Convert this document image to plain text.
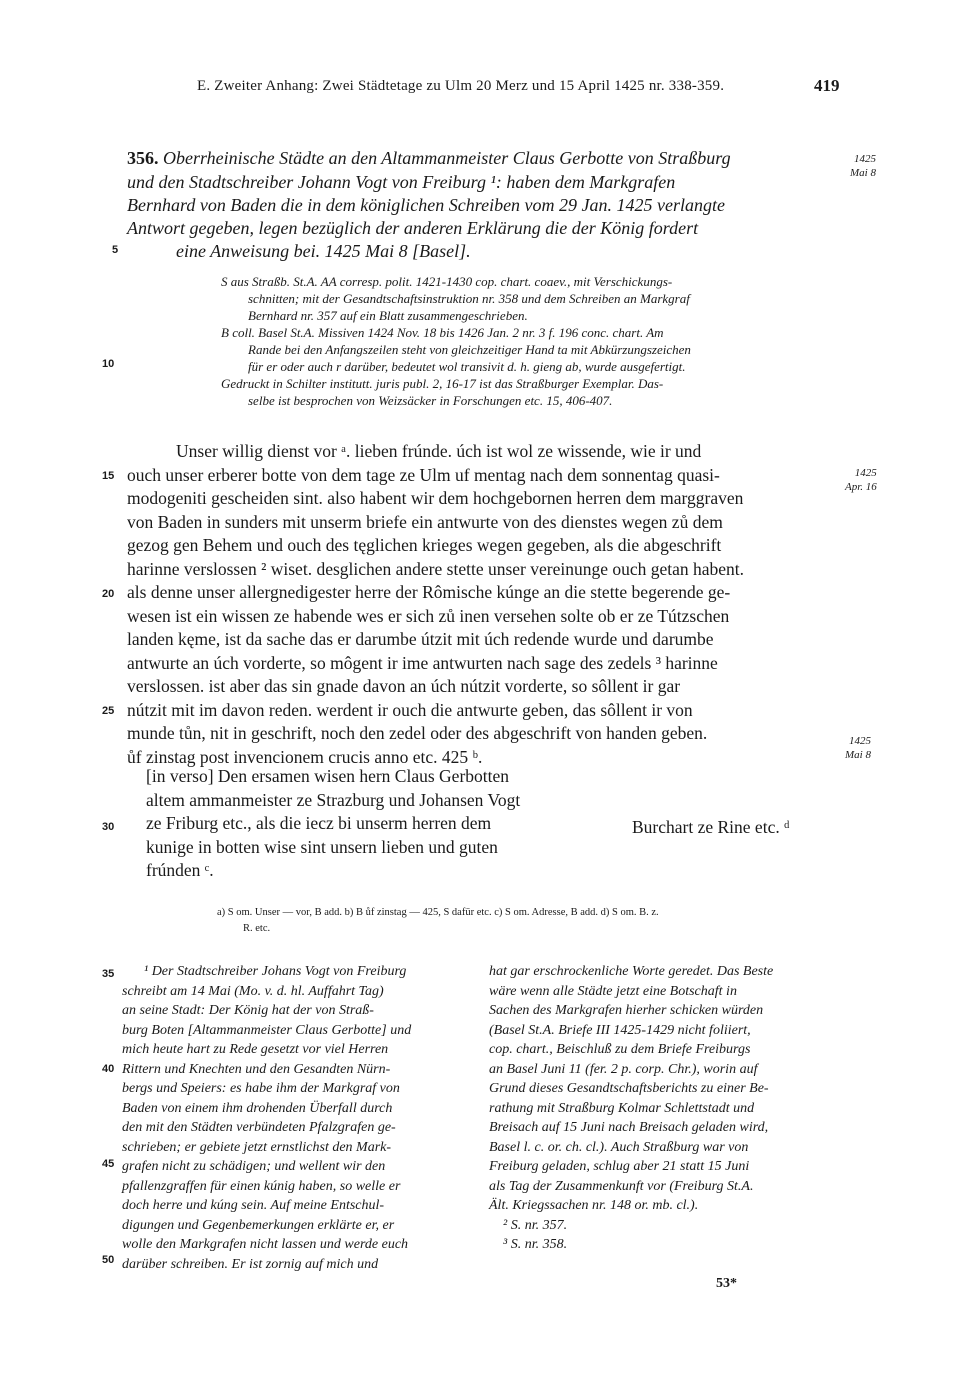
E. Zweiter Anhang: Zwei Städtetage zu Ulm 20 Merz und 15 April 1425 nr. 338-359.	419
356. Oberrheinische Städte an den Altammanmeister Claus Gerbotte von Straßburg
und den Stadtschreiber Johann Vogt von Freiburg ¹: haben dem Markgrafen
Bernhard von Baden die in dem königlichen Schreiben vom 29 Jan. 1425 verlangte
Antwort gegeben, legen bezüglich der anderen Erklärung die der König fordert
eine Anweisung bei. 1425 Mai 8 [Basel].
1425
Mai 8
5
10
15
20
25
30
35
40
45
50
S aus Straßb. St.A. AA corresp. polit. 1421-1430 cop. chart. coaev., mit Verschickungs-
schnitten; mit der Gesandtschaftsinstruktion nr. 358 und dem Schreiben an Markgraf
Bernhard nr. 357 auf ein Blatt zusammengeschrieben.
B coll. Basel St.A. Missiven 1424 Nov. 18 bis 1426 Jan. 2 nr. 3 f. 196 conc. chart. Am
Rande bei den Anfangszeilen steht von gleichzeitiger Hand ta mit Abkürzungszeichen
für er oder auch r darüber, bedeutet wol transivit d. h. gieng ab, wurde ausgefertigt.
Gedruckt in Schilter institutt. juris publ. 2, 16-17 ist das Straßburger Exemplar. Das-
selbe ist besprochen von Weizsäcker in Forschungen etc. 15, 406-407.
Unser willig dienst vor ᵃ. lieben frúnde. úch ist wol ze wissende, wie ir und
ouch unser erberer botte von dem tage ze Ulm uf mentag nach dem sonnentag quasi-
modogeniti gescheiden sint. also habent wir dem hochgebornen herren dem marggraven
von Baden in sunders mit unserm briefe ein antwurte von des dienstes wegen zů dem
gezog gen Behem und ouch des tęglichen krieges wegen gegeben, als die abgeschrift
harinne verslossen ² wiset. desglichen andere stette unser vereinunge ouch getan habent.
als denne unser allergnedigester herre der Rômische kúnge an die stette begerende ge-
wesen ist ein wissen ze habende wes er sich zů inen versehen solte ob er ze Tútzschen
landen kęme, ist da sache das er darumbe útzit mit úch redende wurde und darumbe
antwurte an úch vorderte, so môgent ir ime antwurten nach sage des zedels ³ harinne
verslossen. ist aber das sin gnade davon an úch nútzit vorderte, so sôllent ir gar
nútzit mit im davon reden. werdent ir ouch die antwurte geben, das sôllent ir von
munde tůn, nit in geschrift, noch den zedel oder des abgeschrift von handen geben.
ůf zinstag post invencionem crucis anno etc. 425 ᵇ.
1425
Apr. 16
1425
Mai 8
[in verso] Den ersamen wisen hern Claus Gerbotten
altem ammanmeister ze Strazburg und Johansen Vogt
ze Friburg etc., als die iecz bi unserm herren dem
kunige in botten wise sint unsern lieben und guten
frúnden ᶜ.
Burchart ze Rine etc. ᵈ
a) S om. Unser — vor, B add. b) B ůf zinstag — 425, S dafür etc. c) S om. Adresse, B add. d) S om. B. z.
R. etc.
¹ Der Stadtschreiber Johans Vogt von Freiburg
schreibt am 14 Mai (Mo. v. d. hl. Auffahrt Tag)
an seine Stadt: Der König hat der von Straß-
burg Boten [Altammanmeister Claus Gerbotte] und
mich heute hart zu Rede gesetzt vor viel Herren
Rittern und Knechten und den Gesandten Nürn-
bergs und Speiers: es habe ihm der Markgraf von
Baden von einem ihm drohenden Überfall durch
den mit den Städten verbündeten Pfalzgrafen ge-
schrieben; er gebiete jetzt ernstlichst den Mark-
grafen nicht zu schädigen; und wellent wir den
pfallenzgraffen für einen kúnig haben, so welle er
doch herre und kúng sein. Auf meine Entschul-
digungen und Gegenbemerkungen erklärte er, er
wolle den Markgrafen nicht lassen und werde euch
darüber schreiben. Er ist zornig auf mich und
hat gar erschrockenliche Worte geredet. Das Beste
wäre wenn alle Städte jetzt eine Botschaft in
Sachen des Markgrafen hierher schicken würden
(Basel St.A. Briefe III 1425-1429 nicht foliiert,
cop. chart., Beischluß zu dem Briefe Freiburgs
an Basel Juni 11 (fer. 2 p. corp. Chr.), worin auf
Grund dieses Gesandtschaftsberichts zu einer Be-
rathung mit Straßburg Kolmar Schlettstadt und
Breisach auf 15 Juni nach Breisach geladen wird,
Basel l. c. or. ch. cl.). Auch Straßburg war von
Freiburg geladen, schlug aber 21 statt 15 Juni
als Tag der Zusammenkunft vor (Freiburg St.A.
Ält. Kriegssachen nr. 148 or. mb. cl.).
² S. nr. 357.
³ S. nr. 358.
53*
